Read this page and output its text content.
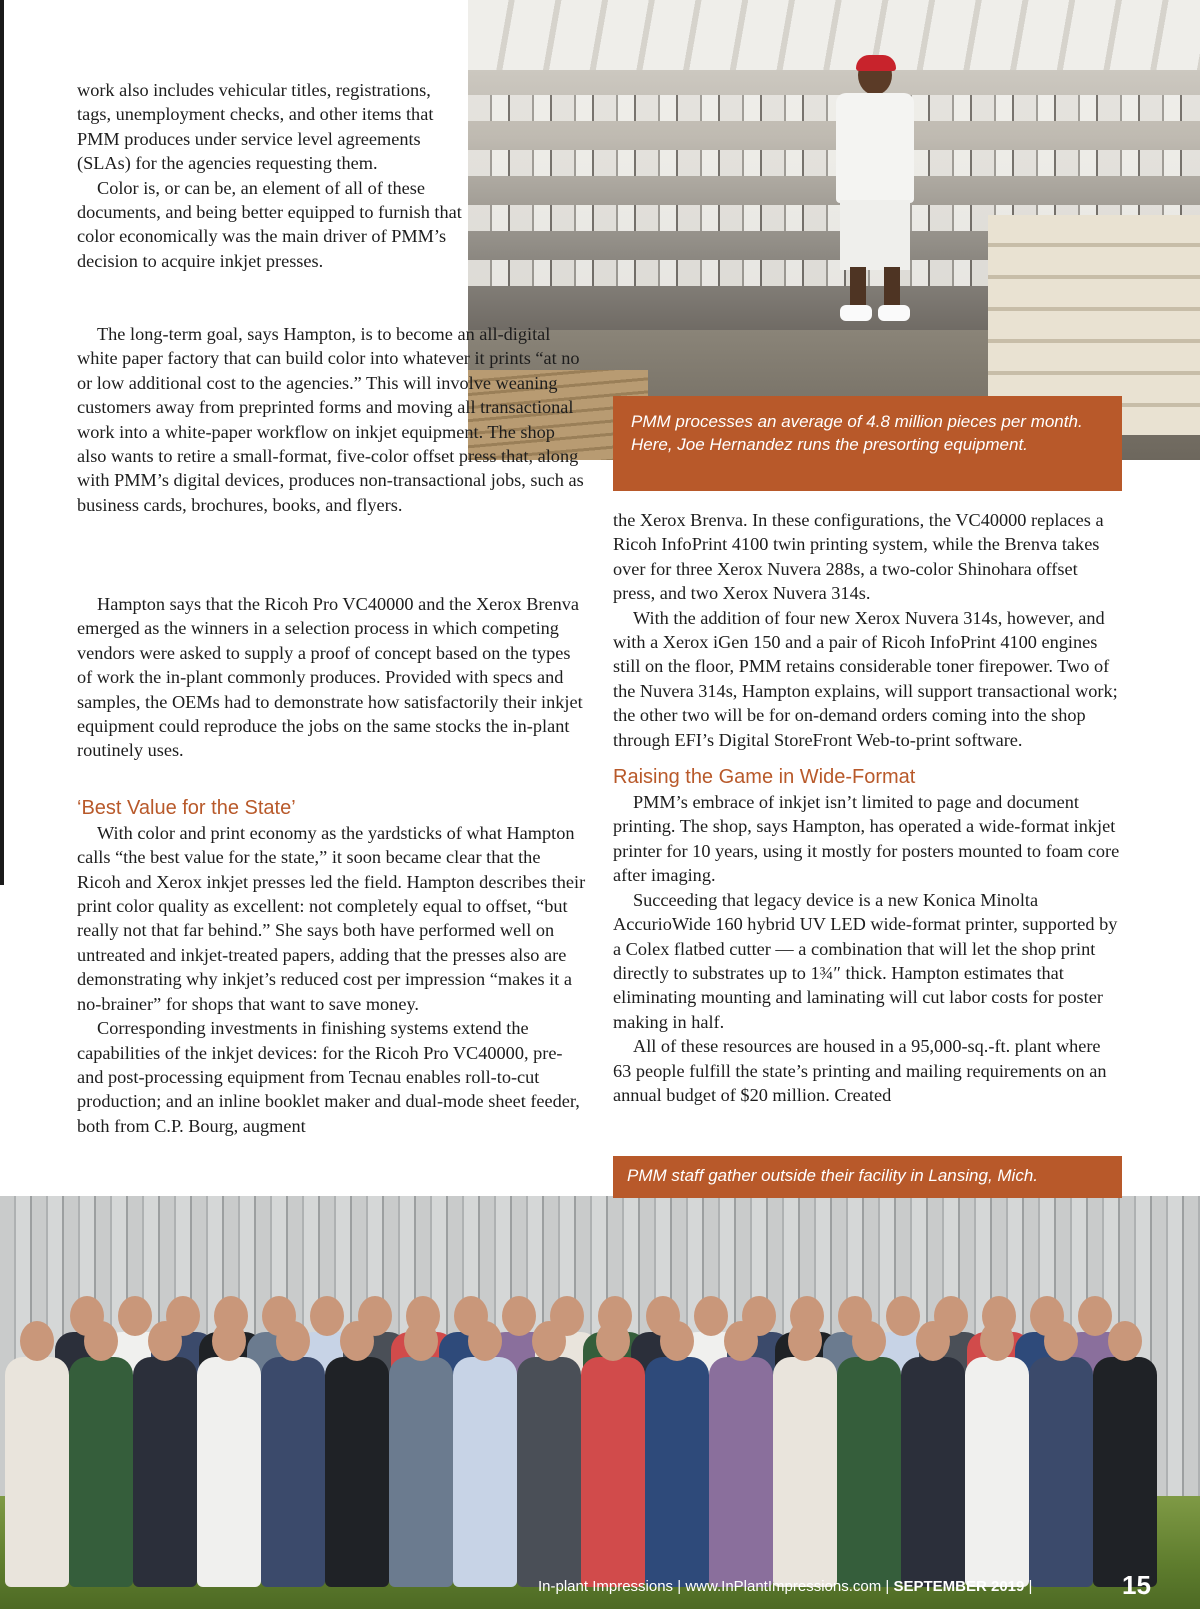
PMM processes an average of 4.8 million pieces per month. Here, Joe Hernandez runs the presorting equipment.

work also includes vehicular titles, registrations, tags, unemployment checks, and other items that PMM produces under service level agreements (SLAs) for the agencies requesting them.

Color is, or can be, an element of all of these documents, and being better equipped to furnish that color economically was the main driver of PMM’s decision to acquire inkjet presses.

The long-term goal, says Hampton, is to become an all-digital white paper factory that can build color into whatever it prints “at no or low additional cost to the agencies.” This will involve weaning customers away from preprinted forms and moving all transactional work into a white-paper workflow on inkjet equipment. The shop also wants to retire a small-format, five-color offset press that, along with PMM’s digital devices, produces non-transactional jobs, such as business cards, brochures, books, and flyers.

Hampton says that the Ricoh Pro VC40000 and the Xerox Brenva emerged as the winners in a selection process in which competing vendors were asked to supply a proof of concept based on the types of work the in-plant commonly produces. Provided with specs and samples, the OEMs had to demonstrate how satisfactorily their inkjet equipment could reproduce the jobs on the same stocks the in-plant routinely uses.

‘Best Value for the State’

With color and print economy as the yardsticks of what Hampton calls “the best value for the state,” it soon became clear that the Ricoh and Xerox inkjet presses led the field. Hampton describes their print color quality as excellent: not completely equal to offset, “but really not that far behind.” She says both have performed well on untreated and inkjet-treated papers, adding that the presses also are demonstrating why inkjet’s reduced cost per impression “makes it a no-brainer” for shops that want to save money.

Corresponding investments in finishing systems extend the capabilities of the inkjet devices: for the Ricoh Pro VC40000, pre-and post-processing equipment from Tecnau enables roll-to-cut production; and an inline booklet maker and dual-mode sheet feeder, both from C.P. Bourg, augment

the Xerox Brenva. In these configurations, the VC40000 replaces a Ricoh InfoPrint 4100 twin printing system, while the Brenva takes over for three Xerox Nuvera 288s, a two-color Shinohara offset press, and two Xerox Nuvera 314s.

With the addition of four new Xerox Nuvera 314s, however, and with a Xerox iGen 150 and a pair of Ricoh InfoPrint 4100 engines still on the floor, PMM retains considerable toner firepower. Two of the Nuvera 314s, Hampton explains, will support transactional work; the other two will be for on-demand orders coming into the shop through EFI’s Digital StoreFront Web-to-print software.

Raising the Game in Wide-Format

PMM’s embrace of inkjet isn’t limited to page and document printing. The shop, says Hampton, has operated a wide-format inkjet printer for 10 years, using it mostly for posters mounted to foam core after imaging.

Succeeding that legacy device is a new Konica Minolta AccurioWide 160 hybrid UV LED wide-format printer, supported by a Colex flatbed cutter — a combination that will let the shop print directly to substrates up to 1¾″ thick. Hampton estimates that eliminating mounting and laminating will cut labor costs for poster making in half.

All of these resources are housed in a 95,000-sq.-ft. plant where 63 people fulfill the state’s printing and mailing requirements on an annual budget of $20 million. Created

PMM staff gather outside their facility in Lansing, Mich.
In-plant Impressions | www.InPlantImpressions.com | SEPTEMBER 2019 |	15
